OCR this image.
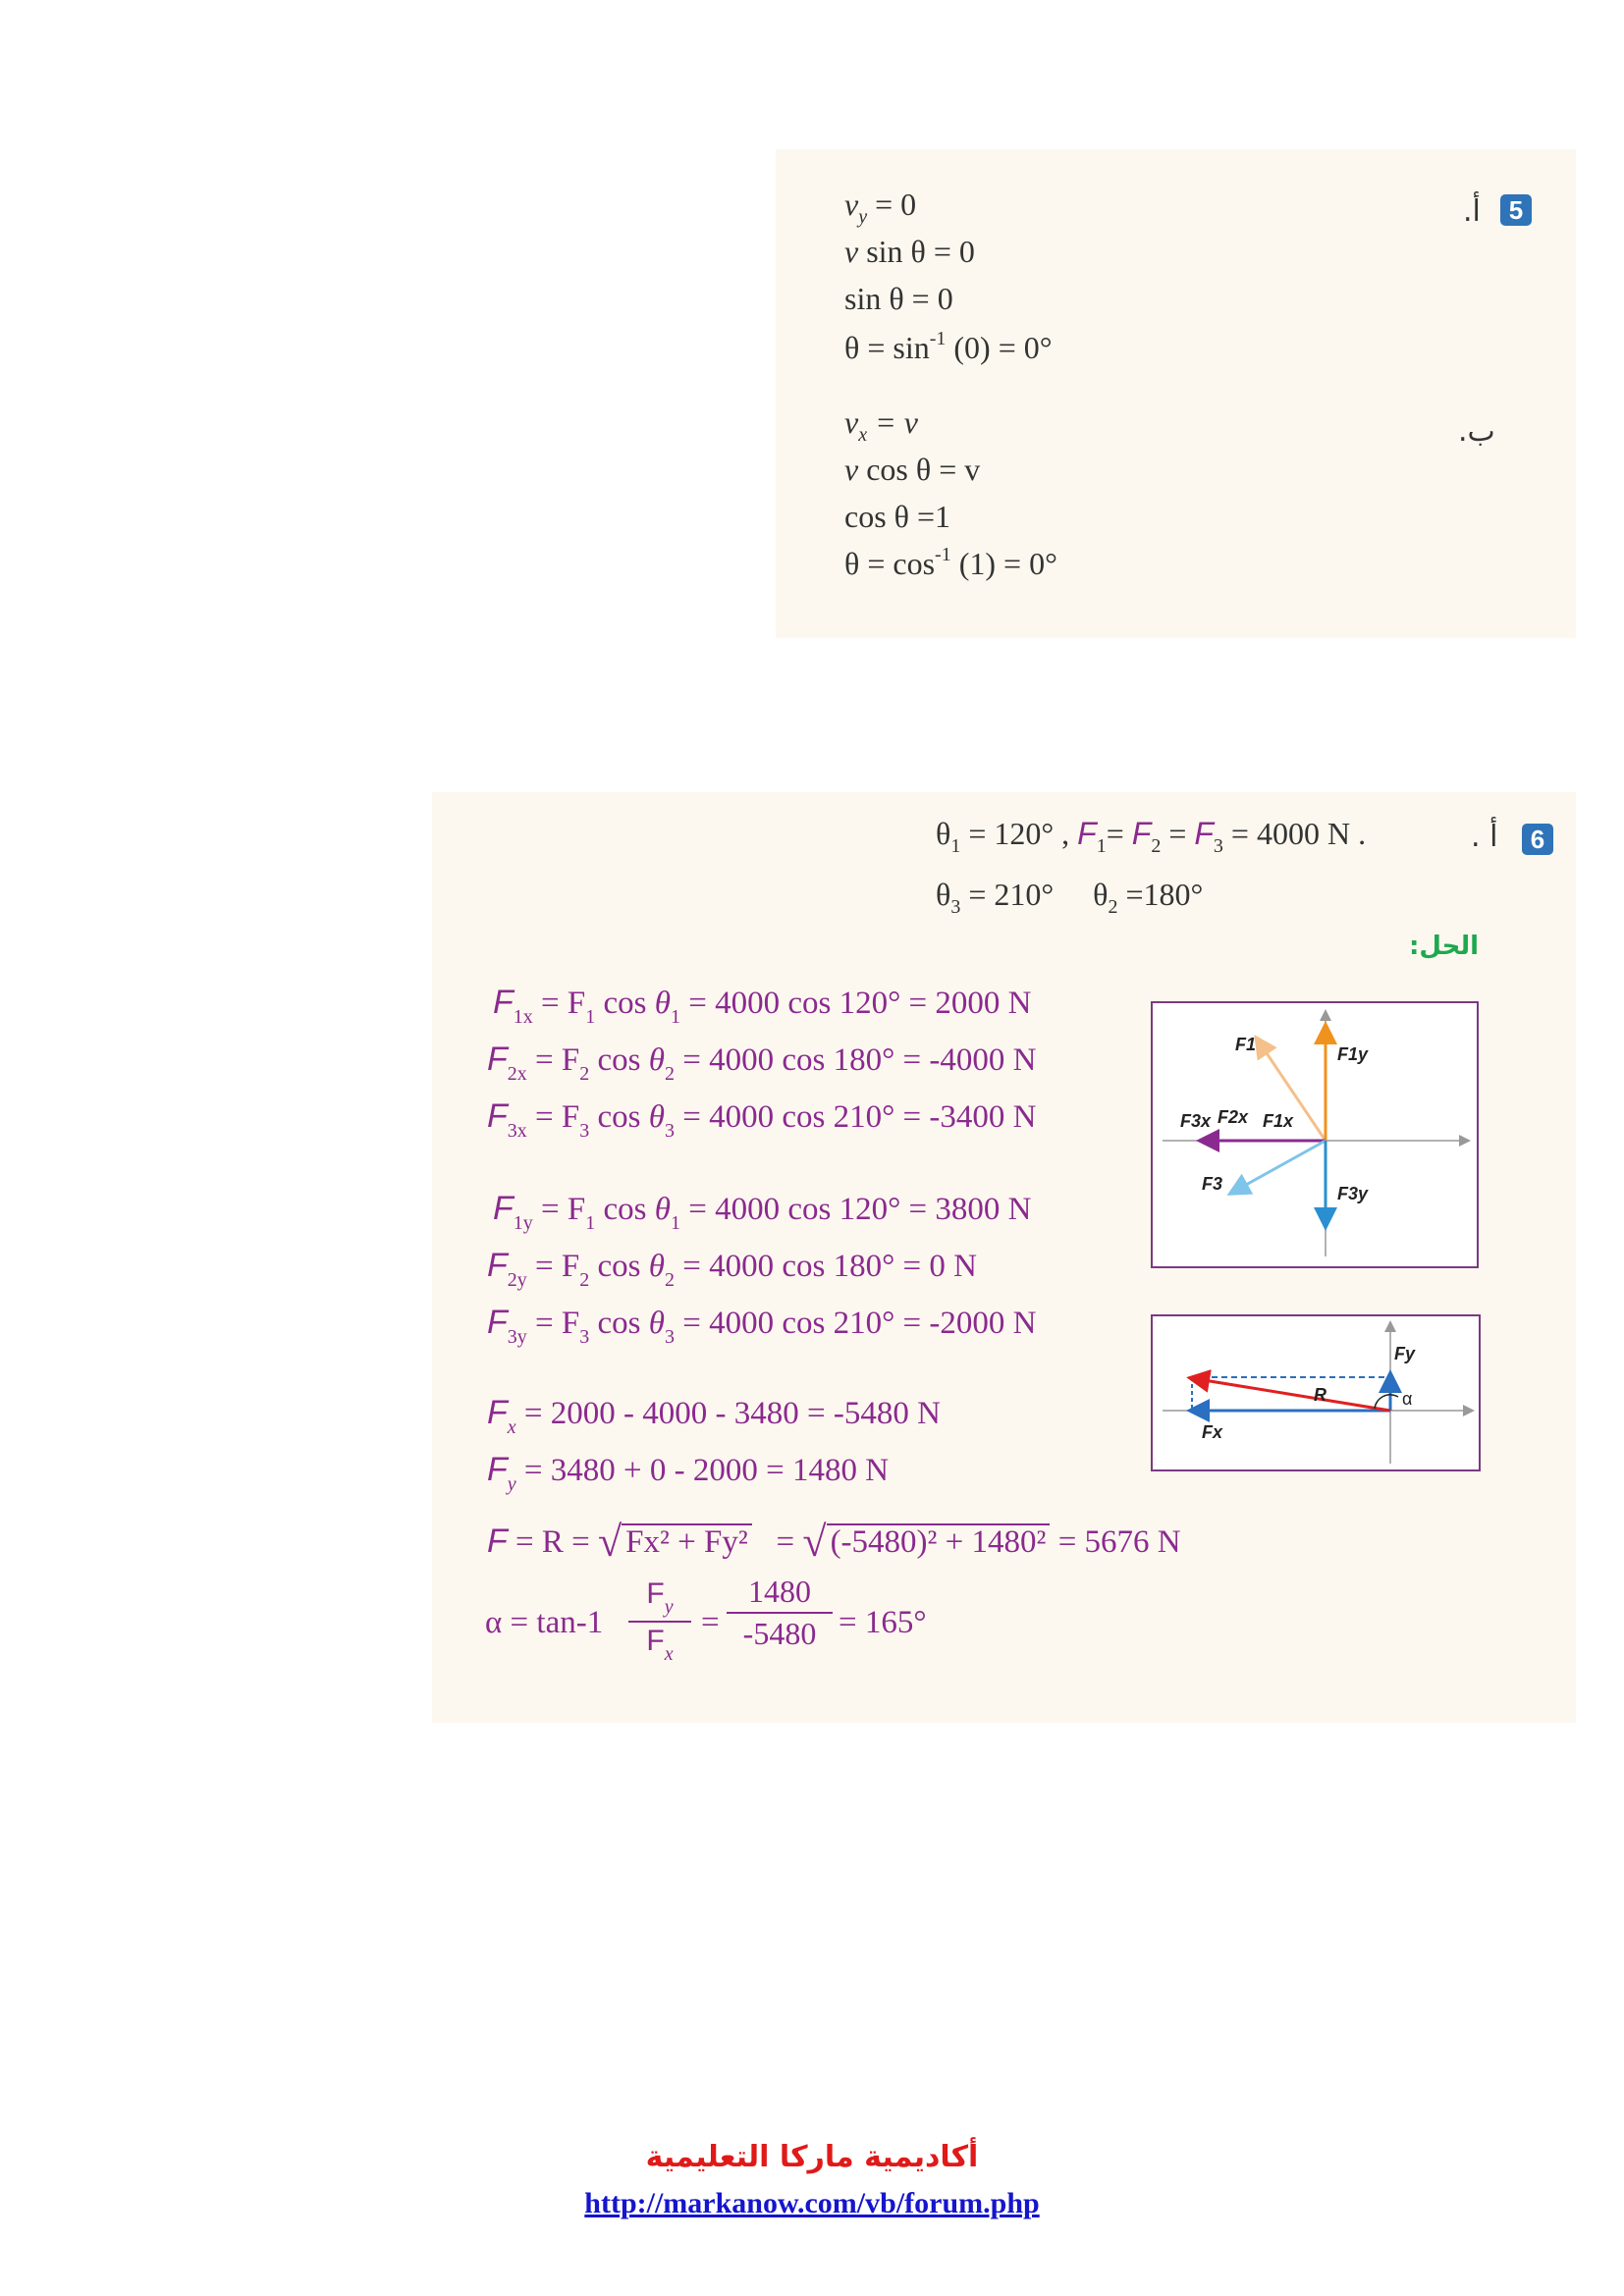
5
أ.
ب.
$v_y = 0$
v sin θ = 0
sin θ = 0
$\theta = \sin^{-1} (0) = 0^\circ$
$v_x = v$
v cos θ = v
cos θ =1
$\theta = \cos^{-1} (1) = 0^\circ$
6
أ .
$\theta_1 = 120^\circ$ , $F_1= F_2 = F_3 = 4000$ N .
$\theta_3 = 210^\circ$     $\theta_2 =180^\circ$
الحل:
$F_{1x} = F_1$ $\cos \theta_1 = 4000$ cos 120° = 2000 N
$F_{2x} = F_2$ $\cos \theta_2 = 4000$ cos 180° = -4000 N
$F_{3x} = F_3$ $\cos \theta_3 = 4000$ cos 210° = -3400 N
$F_{1y} = F_1$ $\cos \theta_1 = 4000$ cos 120° = 3800 N
$F_{2y} = F_2$ $\cos \theta_2 = 4000$ cos 180° = 0 N
$F_{3y} = F_3$ $\cos \theta_3 = 4000$ cos 210° = -2000 N
$F_x = 2000 - 4000 - 3480 = -5480$ N
$F_y = 3480 + 0 - 2000 = 1480$ N
F = R = √ Fx² + Fy² = √ (-5480)² + 1480² = 5676 N
α = tan-1
$F_y$
$F_x$
=
1480
-5480 = 165°
F1	F1y
F3x F2x F1x
F3	F3y
Fy
R	α
Fx
أكاديمية ماركا التعليمية
http://markanow.com/vb/forum.php
